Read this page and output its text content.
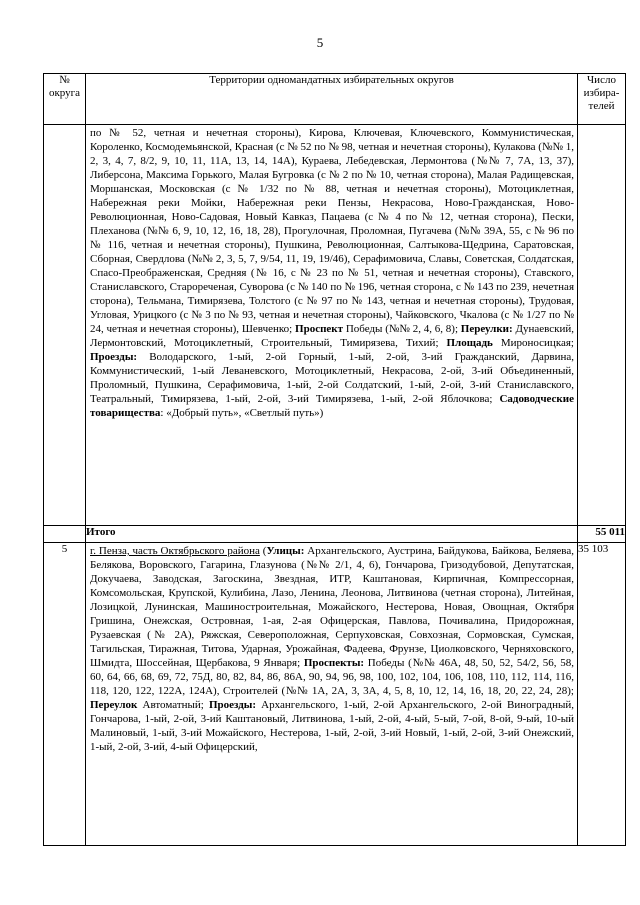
5
№ округа	Территории одномандатных избирательных округов	Число избира-телей

	по № 52, четная и нечетная стороны), Кирова, Ключевая, Ключевского, Коммунистическая, Короленко, Космодемьянской, Красная (с № 52 по № 98, четная и нечетная стороны), Кулакова (№№ 1, 2, 3, 4, 7, 8/2, 9, 10, 11, 11А, 13, 14, 14А), Кураева, Лебедевская, Лермонтова (№№ 7, 7А, 13, 37), Либерсона, Максима Горького, Малая Бугровка (с № 2 по № 10, четная сторона), Малая Радищевская, Моршанская, Московская (с № 1/32 по № 88, четная и нечетная стороны), Мотоциклетная, Набережная реки Мойки, Набережная реки Пензы, Некрасова, Ново-Гражданская, Ново-Революционная, Ново-Садовая, Новый Кавказ, Пацаева (с № 4 по № 12, четная сторона), Пески, Плеханова (№№ 6, 9, 10, 12, 16, 18, 28), Прогулочная, Проломная, Пугачева (№№ 39А, 55, с № 96 по № 116, четная и нечетная стороны), Пушкина, Революционная, Салтыкова-Щедрина, Саратовская, Сборная, Свердлова (№№ 2, 3, 5, 7, 9/54, 11, 19, 19/46), Серафимовича, Славы, Советская, Солдатская, Спасо-Преображенская, Средняя (№ 16, с № 23 по № 51, четная и нечетная стороны), Ставского, Станиславского, Старореченая, Суворова (с № 140 по № 196, четная сторона, с № 143 по 239, нечетная сторона), Тельмана, Тимирязева, Толстого (с № 97 по № 143, четная и нечетная стороны), Трудовая, Угловая, Урицкого (с № 3 по № 93, четная и нечетная стороны), Чайковского, Чкалова (с № 1/27 по № 24, четная и нечетная стороны), Шевченко; Проспект Победы (№№ 2, 4, 6, 8); Переулки: Дунаевский, Лермонтовский, Мотоциклетный, Строительный, Тимирязева, Тихий; Площадь Мироносицкая; Проезды: Володарского, 1-ый, 2-ой Горный, 1-ый, 2-ой, 3-ий Гражданский, Дарвина, Коммунистический, 1-ый Леваневского, Мотоциклетный, Некрасова, 2-ой, 3-ий Объединенный, Проломный, Пушкина, Серафимовича, 1-ый, 2-ой Солдатский, 1-ый, 2-ой, 3-ий Станиславского, Театральный, Тимирязева, 1-ый, 2-ой, 3-ий Тимирязева, 1-ый, 2-ой Яблочкова; Садоводческие товарищества: «Добрый путь», «Светлый путь»)	

	Итого	55 011
5	г. Пенза, часть Октябрьского района (Улицы: Архангельского, Аустрина, Байдукова, Байкова, Беляева, Белякова, Воровского, Гагарина, Глазунова (№№ 2/1, 4, 6), Гончарова, Гризодубовой, Депутатская, Докучаева, Заводская, Загоскина, Звездная, ИТР, Каштановая, Кирпичная, Компрессорная, Комсомольская, Крупской, Кулибина, Лазо, Ленина, Леонова, Литвинова (четная сторона), Литейная, Лозицкой, Лунинская, Машиностроительная, Можайского, Нестерова, Новая, Овощная, Октября Гришина, Онежская, Островная, 1-ая, 2-ая Офицерская, Павлова, Почивалина, Придорожная, Рузаевская (№ 2А), Ряжская, Североположная, Серпуховская, Совхозная, Сормовская, Сумская, Тагильская, Тиражная, Титова, Ударная, Урожайная, Фадеева, Фрунзе, Циолковского, Черняховского, Шмидта, Шоссейная, Щербакова, 9 Января; Проспекты: Победы (№№ 46А, 48, 50, 52, 54/2, 56, 58, 60, 64, 66, 68, 69, 72, 75Д, 80, 82, 84, 86, 86А, 90, 94, 96, 98, 100, 102, 104, 106, 108, 110, 112, 114, 116, 118, 120, 122, 122А, 124А), Строителей (№№ 1А, 2А, 3, 3А, 4, 5, 8, 10, 12, 14, 16, 18, 20, 22, 24, 28); Переулок Автоматный; Проезды: Архангельского, 1-ый, 2-ой Архангельского, 2-ой Виноградный, Гончарова, 1-ый, 2-ой, 3-ий Каштановый, Литвинова, 1-ый, 2-ой, 4-ый, 5-ый, 7-ой, 8-ой, 9-ый, 10-ый Малиновый, 1-ый, 3-ий Можайского, Нестерова, 1-ый, 2-ой, 3-ий Новый, 1-ый, 2-ой, 3-ий Онежский, 1-ый, 2-ой, 3-ий, 4-ый Офицерский,	35 103
